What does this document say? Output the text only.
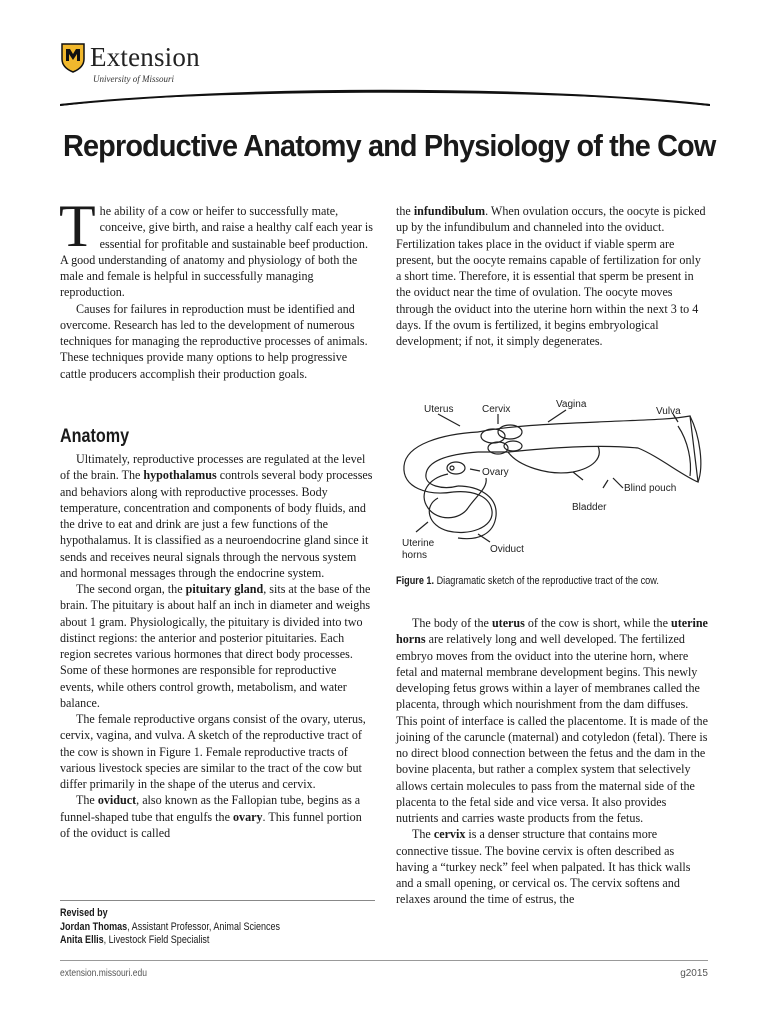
Extension
University of Missouri
Reproductive Anatomy and Physiology of the Cow

The ability of a cow or heifer to successfully mate, conceive, give birth, and raise a healthy calf each year is essential for profitable and sustainable beef production. A good understanding of anatomy and physiology of both the male and female is helpful in successfully managing reproduction.

Causes for failures in reproduction must be identified and overcome. Research has led to the development of numerous techniques for managing the reproductive processes of animals. These techniques provide many options to help progressive cattle producers accomplish their production goals.

Anatomy

Ultimately, reproductive processes are regulated at the level of the brain. The hypothalamus controls several body processes and behaviors along with reproductive processes. Body temperature, concentration and components of body fluids, and the drive to eat and drink are just a few functions of the hypothalamus. It is classified as a neuroendocrine gland since it sends and receives neural signals through the nervous system and hormonal messages through the endocrine system.

The second organ, the pituitary gland, sits at the base of the brain. The pituitary is about half an inch in diameter and weighs about 1 gram. Physiologically, the pituitary is divided into two distinct regions: the anterior and posterior pituitaries. Each region secretes various hormones that direct body processes. Some of these hormones are responsible for reproductive events, while others control growth, metabolism, and water balance.

The female reproductive organs consist of the ovary, uterus, cervix, vagina, and vulva. A sketch of the reproductive tract of the cow is shown in Figure 1. Female reproductive tracts of various livestock species are similar to the tract of the cow but differ primarily in the shape of the uterus and cervix.

The oviduct, also known as the Fallopian tube, begins as a funnel-shaped tube that engulfs the ovary. This funnel portion of the oviduct is called

the infundibulum. When ovulation occurs, the oocyte is picked up by the infundibulum and channeled into the oviduct. Fertilization takes place in the oviduct if viable sperm are present, but the oocyte remains capable of fertilization for only a short time. Therefore, it is essential that sperm be present in the oviduct near the time of ovulation. The oocyte moves through the oviduct into the uterine horn within the next 3 to 4 days. If the ovum is fertilized, it begins embryological development; if not, it simply degenerates.

Uterus	Cervix	Vagina
Vulva
Ovary
Blind pouch
Bladder
Uterine
horns
Oviduct
Figure 1. Diagramatic sketch of the reproductive tract of the cow.

The body of the uterus of the cow is short, while the uterine horns are relatively long and well developed. The fertilized embryo moves from the oviduct into the uterine horn, where fetal and maternal membrane development begins. This newly developing fetus grows within a layer of membranes called the placenta, through which nourishment from the dam diffuses. This point of interface is called the placentome. It is made of the joining of the caruncle (maternal) and cotyledon (fetal). There is no direct blood connection between the fetus and the dam in the bovine placenta, but rather a complex system that selectively allows certain molecules to pass from the maternal side of the placenta to the fetal side and vice versa. It also provides nutrients and carries waste products from the fetus.

The cervix is a denser structure that contains more connective tissue. The bovine cervix is often described as having a “turkey neck” feel when palpated. It has thick walls and a small opening, or cervical os. The cervix softens and relaxes around the time of estrus, the

Revised by
Jordan Thomas, Assistant Professor, Animal Sciences
Anita Ellis, Livestock Field Specialist
extension.missouri.edu	g2015
